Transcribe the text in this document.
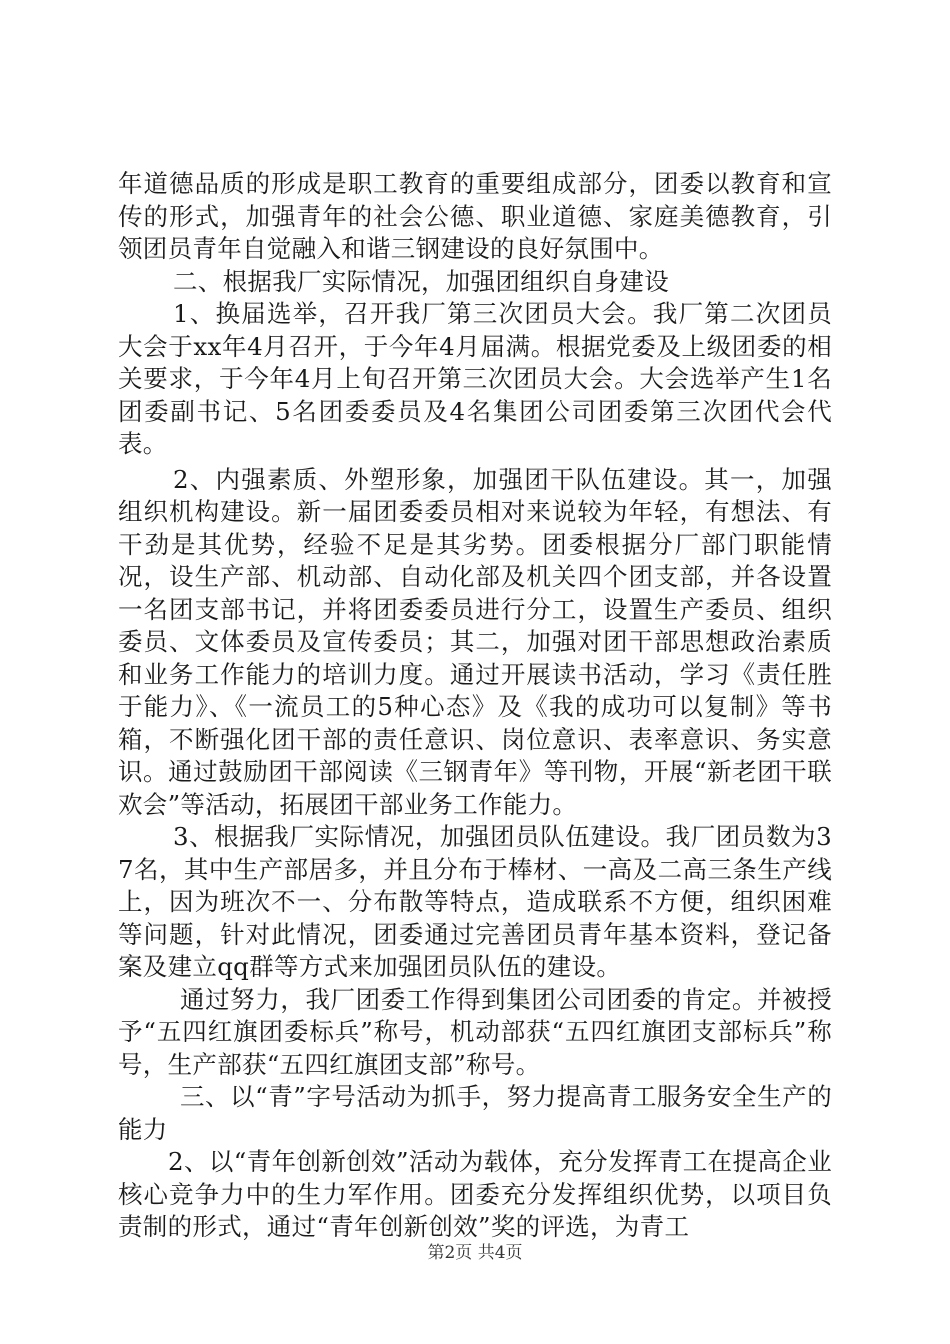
年道德品质的形成是职工教育的重要组成部分，团委以教育和宣传的形式，加强青年的社会公德、职业道德、家庭美德教育，引领团员青年自觉融入和谐三钢建设的良好氛围中。

二、根据我厂实际情况，加强团组织自身建设

1、换届选举，召开我厂第三次团员大会。我厂第二次团员大会于xx年4月召开，于今年4月届满。根据党委及上级团委的相关要求，于今年4月上旬召开第三次团员大会。大会选举产生1名团委副书记、5名团委委员及4名集团公司团委第三次团代会代表。

2、内强素质、外塑形象，加强团干队伍建设。其一，加强组织机构建设。新一届团委委员相对来说较为年轻，有想法、有干劲是其优势，经验不足是其劣势。团委根据分厂部门职能情况，设生产部、机动部、自动化部及机关四个团支部，并各设置一名团支部书记，并将团委委员进行分工，设置生产委员、组织委员、文体委员及宣传委员；其二，加强对团干部思想政治素质和业务工作能力的培训力度。通过开展读书活动，学习《责任胜于能力》、《一流员工的5种心态》及《我的成功可以复制》等书箱，不断强化团干部的责任意识、岗位意识、表率意识、务实意识。通过鼓励团干部阅读《三钢青年》等刊物，开展“新老团干联欢会”等活动，拓展团干部业务工作能力。

3、根据我厂实际情况，加强团员队伍建设。我厂团员数为37名，其中生产部居多，并且分布于棒材、一高及二高三条生产线上，因为班次不一、分布散等特点，造成联系不方便，组织困难等问题，针对此情况，团委通过完善团员青年基本资料，登记备案及建立qq群等方式来加强团员队伍的建设。

通过努力，我厂团委工作得到集团公司团委的肯定。并被授予“五四红旗团委标兵”称号，机动部获“五四红旗团支部标兵”称号，生产部获“五四红旗团支部”称号。

三、以“青”字号活动为抓手，努力提高青工服务安全生产的能力

2、以“青年创新创效”活动为载体，充分发挥青工在提高企业核心竞争力中的生力军作用。团委充分发挥组织优势，以项目负责制的形式，通过“青年创新创效”奖的评选，为青工

第2页 共4页
